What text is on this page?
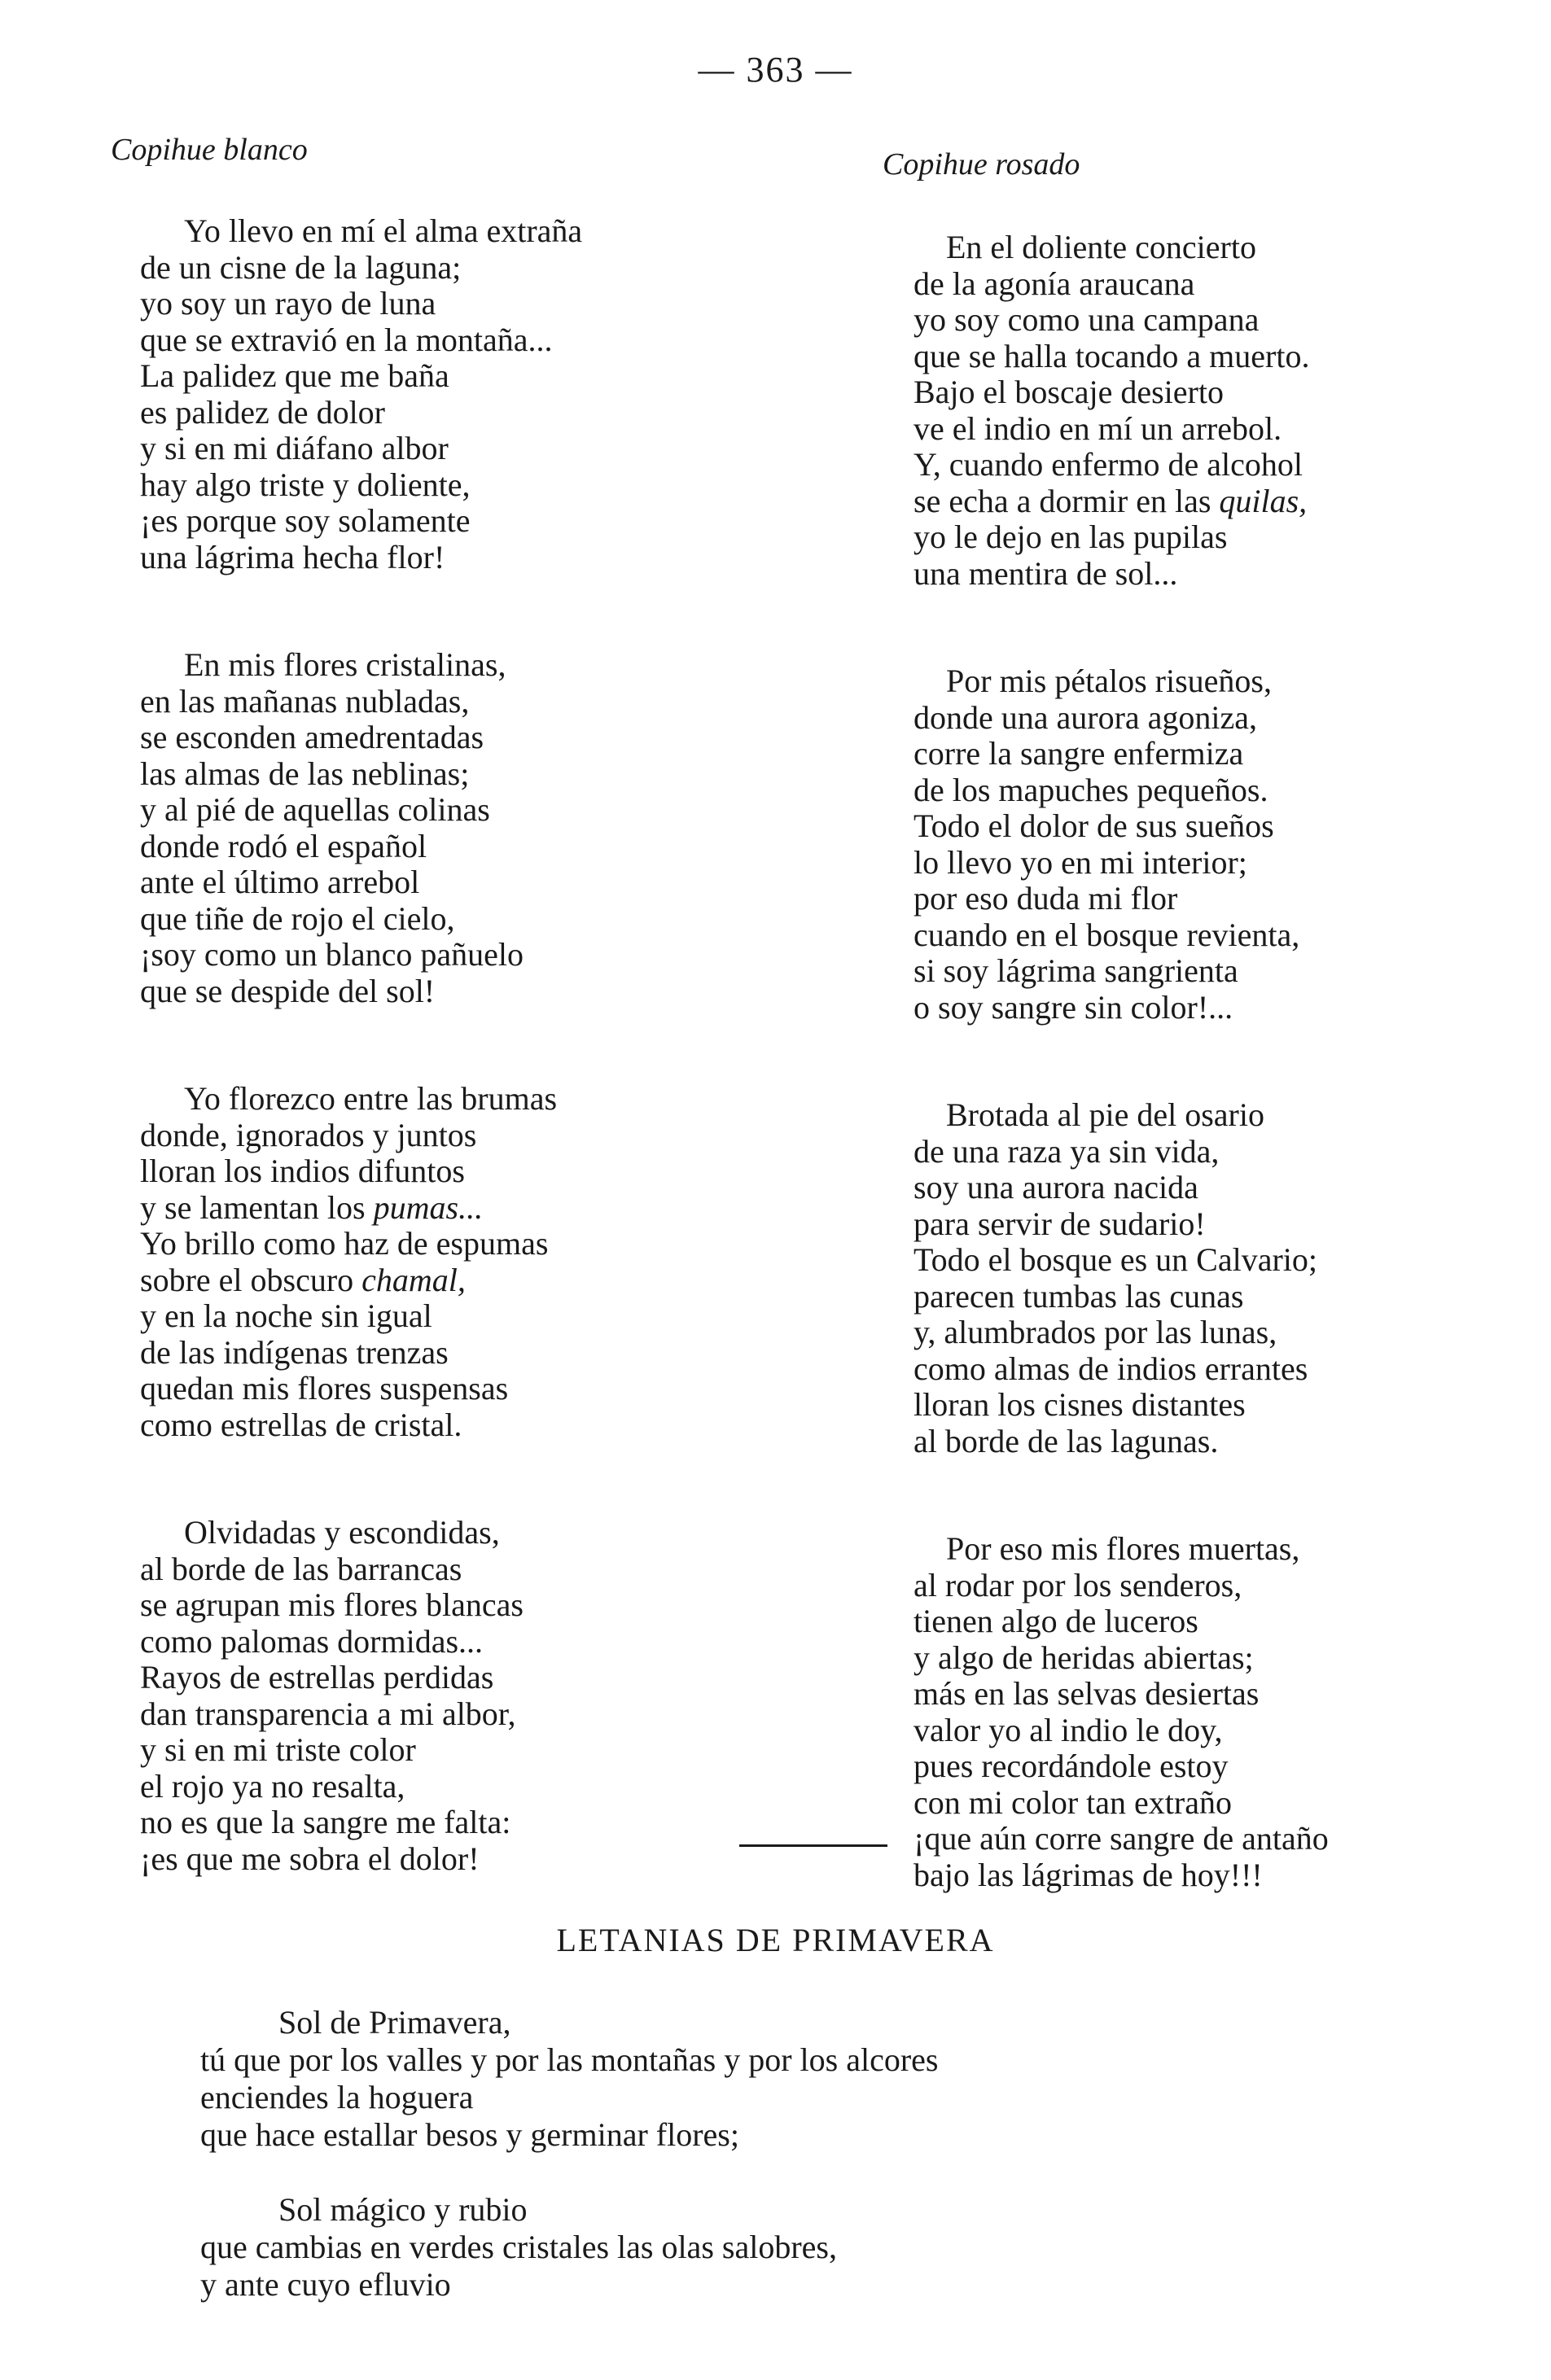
— 363 —
Copihue blanco
Yo llevo en mí el alma extraña
de un cisne de la laguna;
yo soy un rayo de luna
que se extravió en la montaña...
La palidez que me baña
es palidez de dolor
y si en mi diáfano albor
hay algo triste y doliente,
¡es porque soy solamente
una lágrima hecha flor!
En mis flores cristalinas,
en las mañanas nubladas,
se esconden amedrentadas
las almas de las neblinas;
y al pié de aquellas colinas
donde rodó el español
ante el último arrebol
que tiñe de rojo el cielo,
¡soy como un blanco pañuelo
que se despide del sol!
Yo florezco entre las brumas
donde, ignorados y juntos
lloran los indios difuntos
y se lamentan los pumas...
Yo brillo como haz de espumas
sobre el obscuro chamal,
y en la noche sin igual
de las indígenas trenzas
quedan mis flores suspensas
como estrellas de cristal.
Olvidadas y escondidas,
al borde de las barrancas
se agrupan mis flores blancas
como palomas dormidas...
Rayos de estrellas perdidas
dan transparencia a mi albor,
y si en mi triste color
el rojo ya no resalta,
no es que la sangre me falta:
¡es que me sobra el dolor!
Copihue rosado
En el doliente concierto
de la agonía araucana
yo soy como una campana
que se halla tocando a muerto.
Bajo el boscaje desierto
ve el indio en mí un arrebol.
Y, cuando enfermo de alcohol
se echa a dormir en las quilas,
yo le dejo en las pupilas
una mentira de sol...
Por mis pétalos risueños,
donde una aurora agoniza,
corre la sangre enfermiza
de los mapuches pequeños.
Todo el dolor de sus sueños
lo llevo yo en mi interior;
por eso duda mi flor
cuando en el bosque revienta,
si soy lágrima sangrienta
o soy sangre sin color!...
Brotada al pie del osario
de una raza ya sin vida,
soy una aurora nacida
para servir de sudario!
Todo el bosque es un Calvario;
parecen tumbas las cunas
y, alumbrados por las lunas,
como almas de indios errantes
lloran los cisnes distantes
al borde de las lagunas.
Por eso mis flores muertas,
al rodar por los senderos,
tienen algo de luceros
y algo de heridas abiertas;
más en las selvas desiertas
valor yo al indio le doy,
pues recordándole estoy
con mi color tan extraño
¡que aún corre sangre de antaño
bajo las lágrimas de hoy!!!
LETANIAS DE PRIMAVERA
Sol de Primavera,
tú que por los valles y por las montañas y por los alcores
enciendes la hoguera
que hace estallar besos y germinar flores;
Sol mágico y rubio
que cambias en verdes cristales las olas salobres,
y ante cuyo efluvio
